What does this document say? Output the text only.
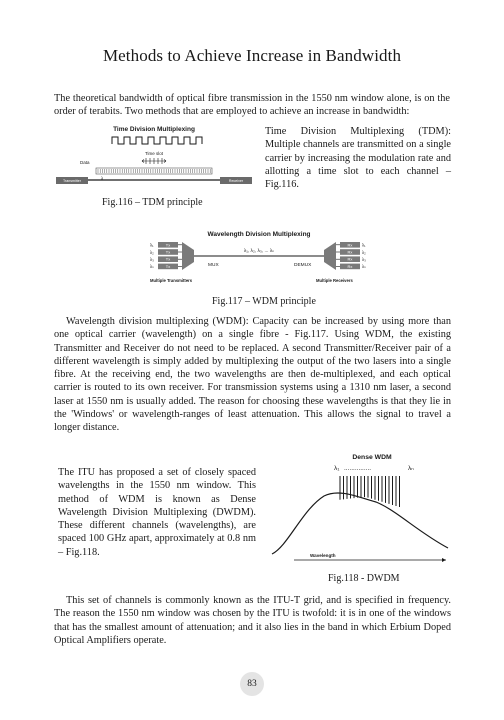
Methods to Achieve Increase in Bandwidth

The theoretical bandwidth of optical fibre transmission in the 1550 nm window alone, is on the order of terabits. Two methods that are employed to achieve an increase in bandwidth:

Time Division Multiplexing
Time slot
Data
λ
Transmitter	Receiver
Fig.116 – TDM principle

Time Division Multiplexing (TDM): Multiple channels are transmitted on a single carrier by increasing the modulation rate and allotting a time slot to each channel – Fig.116.

Wavelength Division Multiplexing
λ₁	Tx
λ₂	Tx
λ₃	Tx
λₙ	Tx
Rx λ₁
Rx λ₂
Rx λ₃
Rx λₙ
λ₁, λ₂, λ₃, ... λₙ
MUX	DEMUX
Multiple Transmitters	Multiple Receivers
Fig.117 – WDM principle

Wavelength division multiplexing (WDM): Capacity can be increased by using more than one optical carrier (wavelength) on a single fibre - Fig.117. Using WDM, the existing Transmitter and Receiver do not need to be replaced. A second Transmitter/Receiver pair of a different wavelength is simply added by multiplexing the output of the two lasers into a single fibre. At the receiving end, the two wavelengths are then de-multiplexed, and each optical carrier is routed to its own receiver. For transmission systems using a 1310 nm laser, a second laser at 1550 nm is usually added. The reason for choosing these wavelengths is that they lie in the 'Windows' or wavelength-ranges of least attenuation. This allows the signal to travel a longer distance.

The ITU has proposed a set of closely spaced wavelengths in the 1550 nm window. This method of WDM is known as Dense Wavelength Division Multiplexing (DWDM). These different channels (wavelengths), are spaced 100 GHz apart, approximately at 0.8 nm – Fig.118.

Dense WDM
λ₁ ...............	λₙ
Wavelength
Fig.118 - DWDM

This set of channels is commonly known as the ITU-T grid, and is specified in frequency. The reason the 1550 nm window was chosen by the ITU is twofold: it is in one of the windows that has the smallest amount of attenuation; and it also lies in the band in which Erbium Doped Optical Amplifiers operate.

83
